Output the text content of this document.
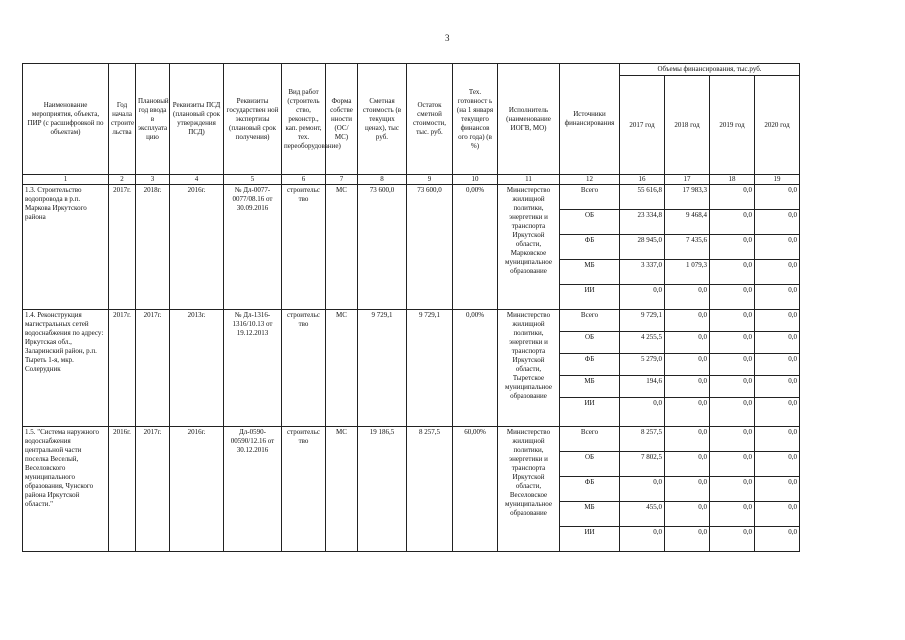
3
Наименование мероприятия, объекта, ПИР (с расшифровкой по объектам)	Год начала строите льства	Плановый год ввода в эксплуата цию	Реквизиты ПСД (плановый срок утверждения ПСД)	Реквизиты государствен ной экспертизы (плановый срок получения)	Вид работ (строитель ство, реконстр., кап. ремонт, тех. переоборудование)	Форма собстве нности (ОС/МС)	Сметная стоимость (в текущих ценах), тыс руб.	Остаток сметной стоимости, тыс. руб.	Тех. готовност ь (на 1 января текущего финансов ого года) (в %)	Исполнитель (наименование ИОГВ, МО)	Источники финансирования	Объемы финансирования, тыс.руб.			
												2017 год	2018 год	2019 год	2020 год
1	2	3	4	5	6	7	8	9	10	11	12	16	17	18	19
1.3. Строительство водопровода в р.п. Маркова Иркутского района	2017г.	2018г.	2016г.	№ Дл-0077-0077/08.16 от 30.09.2016	строительс тво	МС	73 600,0	73 600,0	0,00%	Министерство жилищной политики, энергетики и транспорта Иркутской области, Марковское муниципальное образование	Всего	55 616,8	17 983,3	0,0	0,0
											ОБ	23 334,8	9 468,4	0,0	0,0
											ФБ	28 945,0	7 435,6	0,0	0,0
											МБ	3 337,0	1 079,3	0,0	0,0
											ИИ	0,0	0,0	0,0	0,0
1.4. Реконструкция магистральных сетей водоснабжения по адресу: Иркутская обл., Заларинский район, р.п. Тыреть 1-я, мкр. Солерудник	2017г.	2017г.	2013г.	№ Дл-1316-1316/10.13 от 19.12.2013	строительс тво	МС	9 729,1	9 729,1	0,00%	Министерство жилищной политики, энергетики и транспорта Иркутской области, Тыретское муниципальное образование	Всего	9 729,1	0,0	0,0	0,0
											ОБ	4 255,5	0,0	0,0	0,0
											ФБ	5 279,0	0,0	0,0	0,0
											МБ	194,6	0,0	0,0	0,0
											ИИ	0,0	0,0	0,0	0,0
1.5. "Система наружного водоснабжения центральной части поселка Веселый, Веселовского муниципального образования, Чунского района Иркутской области."	2016г.	2017г.	2016г.	Дл-0590-00590/12.16 от 30.12.2016	строительс тво	МС	19 186,5	8 257,5	60,00%	Министерство жилищной политики, энергетики и транспорта Иркутской области, Веселовское муниципальное образование	Всего	8 257,5	0,0	0,0	0,0
											ОБ	7 802,5	0,0	0,0	0,0
											ФБ	0,0	0,0	0,0	0,0
											МБ	455,0	0,0	0,0	0,0
											ИИ	0,0	0,0	0,0	0,0
